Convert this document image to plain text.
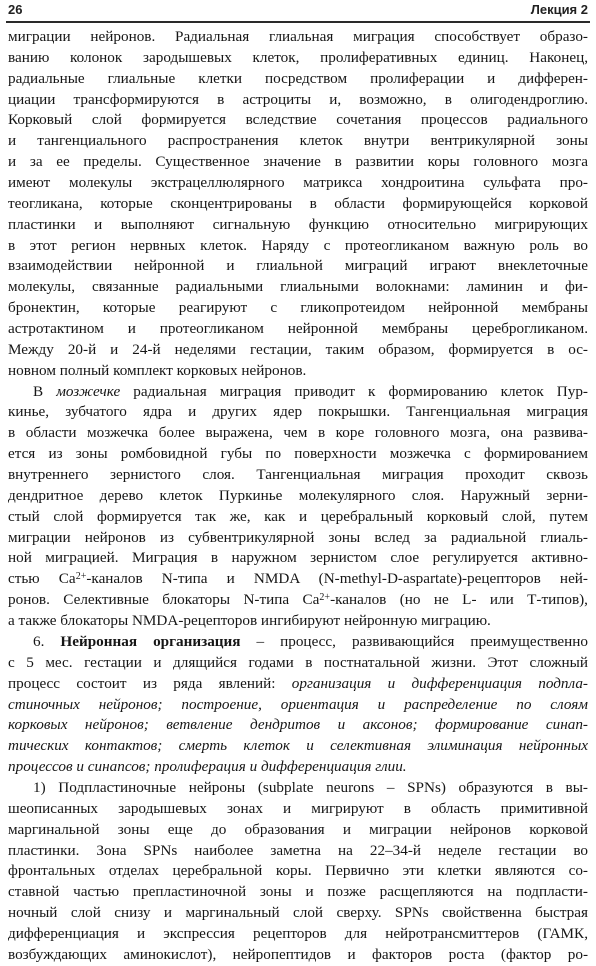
26	Лекция 2
миграции нейронов. Радиальная глиальная миграция способствует образо-
ванию колонок зародышевых клеток, пролиферативных единиц. Наконец,
радиальные глиальные клетки посредством пролиферации и дифферен-
циации трансформируются в астроциты и, возможно, в олигодендроглию.
Корковый слой формируется вследствие сочетания процессов радиального
и тангенциального распространения клеток внутри вентрикулярной зоны
и за ее пределы. Существенное значение в развитии коры головного мозга
имеют молекулы экстрацеллюлярного матрикса хондроитина сульфата про-
теогликана, которые сконцентрированы в области формирующейся корковой
пластинки и выполняют сигнальную функцию относительно мигрирующих
в этот регион нервных клеток. Наряду с протеогликаном важную роль во
взаимодействии нейронной и глиальной миграций играют внеклеточные
молекулы, связанные радиальными глиальными волокнами: ламинин и фи-
бронектин, которые реагируют с гликопротеидом нейронной мембраны
астротактином и протеогликаном нейронной мембраны цереброгликаном.
Между 20-й и 24-й неделями гестации, таким образом, формируется в ос-
новном полный комплект корковых нейронов.
В мозжечке радиальная миграция приводит к формированию клеток Пур-
кинье, зубчатого ядра и других ядер покрышки. Тангенциальная миграция
в области мозжечка более выражена, чем в коре головного мозга, она развива-
ется из зоны ромбовидной губы по поверхности мозжечка с формированием
внутреннего зернистого слоя. Тангенциальная миграция проходит сквозь
дендритное дерево клеток Пуркинье молекулярного слоя. Наружный зерни-
стый слой формируется так же, как и церебральный корковый слой, путем
миграции нейронов из субвентрикулярной зоны вслед за радиальной глиаль-
ной миграцией. Миграция в наружном зернистом слое регулируется активно-
стью $Са^{2+}$-каналов N-типа и NMDA (N-methyl-D-aspartate)-рецепторов ней-
ронов. Селективные блокаторы N-типа $Са^{2+}$-каналов (но не L- или Т-типов),
а также блокаторы NMDA-рецепторов ингибируют нейронную миграцию.
6. Нейронная организация – процесс, развивающийся преимущественно
с 5 мес. гестации и длящийся годами в постнатальной жизни. Этот сложный
процесс состоит из ряда явлений: организация и дифференциация подпла-
стиночных нейронов; построение, ориентация и распределение по слоям
корковых нейронов; ветвление дендритов и аксонов; формирование синап-
тических контактов; смерть клеток и селективная элиминация нейронных
процессов и синапсов; пролиферация и дифференциация глии.
1) Подпластиночные нейроны (subplate neurons – SPNs) образуются в вы-
шеописанных зародышевых зонах и мигрируют в область примитивной
маргинальной зоны еще до образования и миграции нейронов корковой
пластинки. Зона SPNs наиболее заметна на 22–34-й неделе гестации во
фронтальных отделах церебральной коры. Первично эти клетки являются со-
ставной частью препластиночной зоны и позже расщепляются на подпласти-
ночный слой снизу и маргинальный слой сверху. SPNs свойственна быстрая
дифференциация и экспрессия рецепторов для нейротрансмиттеров (ГАМК,
возбуждающих аминокислот), нейропептидов и факторов роста (фактор ро-
